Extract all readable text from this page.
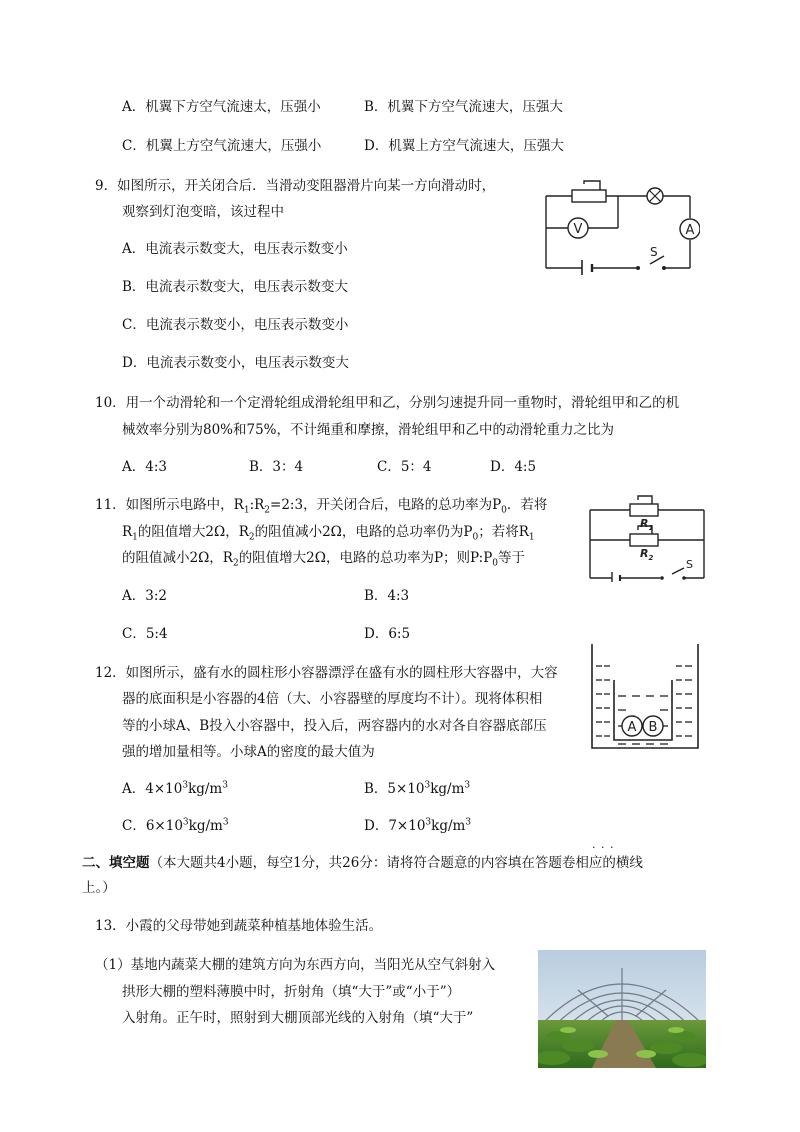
A．机翼下方空气流速太，压强小	B．机翼下方空气流速大，压强大
C．机翼上方空气流速大，压强小	D．机翼上方空气流速大，压强大
9．如图所示，开关闭合后．当滑动变阻器滑片向某一方向滑动时，
观察到灯泡变暗，该过程中
A．电流表示数变大，电压表示数变小
B．电流表示数变大，电压表示数变大
C．电流表示数变小，电压表示数变小
D．电流表示数变小，电压表示数变大
V	A
S
10．用一个动滑轮和一个定滑轮组成滑轮组甲和乙，分别匀速提升同一重物时，滑轮组甲和乙的机
械效率分别为80%和75%，不计绳重和摩擦，滑轮组甲和乙中的动滑轮重力之比为
A．4:3	B．3：4	C．5：4	D．4:5
11．如图所示电路中，$R_1:R_2=2:3$，开关闭合后，电路的总功率为$P_0$．若将
$R_1$的阻值增大2Ω，$R_2$的阻值减小2Ω，电路的总功率仍为$P_0$；若将$R_1$
的阻值减小2Ω，$R_2$的阻值增大2Ω，电路的总功率为P；则$P:P_0$等于
A．3:2	B．4:3
C．5:4	D．6:5
$R_1$
$R_2$	S
12．如图所示，盛有水的圆柱形小容器漂浮在盛有水的圆柱形大容器中，大容
器的底面积是小容器的4倍（大、小容器壁的厚度均不计）。现将体积相
等的小球A、B投入小容器中，投入后，两容器内的水对各自容器底部压
强的增加量相等。小球A的密度的最大值为
A．$4\times 10^3kg/m^3$	B．$5\times 10^3kg/m^3$
C．$6\times 10^3kg/m^3$	D．$7\times 10^3kg/m^3$
A B
· · ·
二、填空题（本大题共4小题，每空1分，共26分：请将符合题意的内容填在答题卷相应的横线
上。）
13．小霞的父母带她到蔬菜种植基地体验生活。
（1）基地内蔬菜大棚的建筑方向为东西方向，当阳光从空气斜射入
拱形大棚的塑料薄膜中时，折射角（填“大于”或“小于”）
入射角。正午时，照射到大棚顶部光线的入射角（填“大于”
